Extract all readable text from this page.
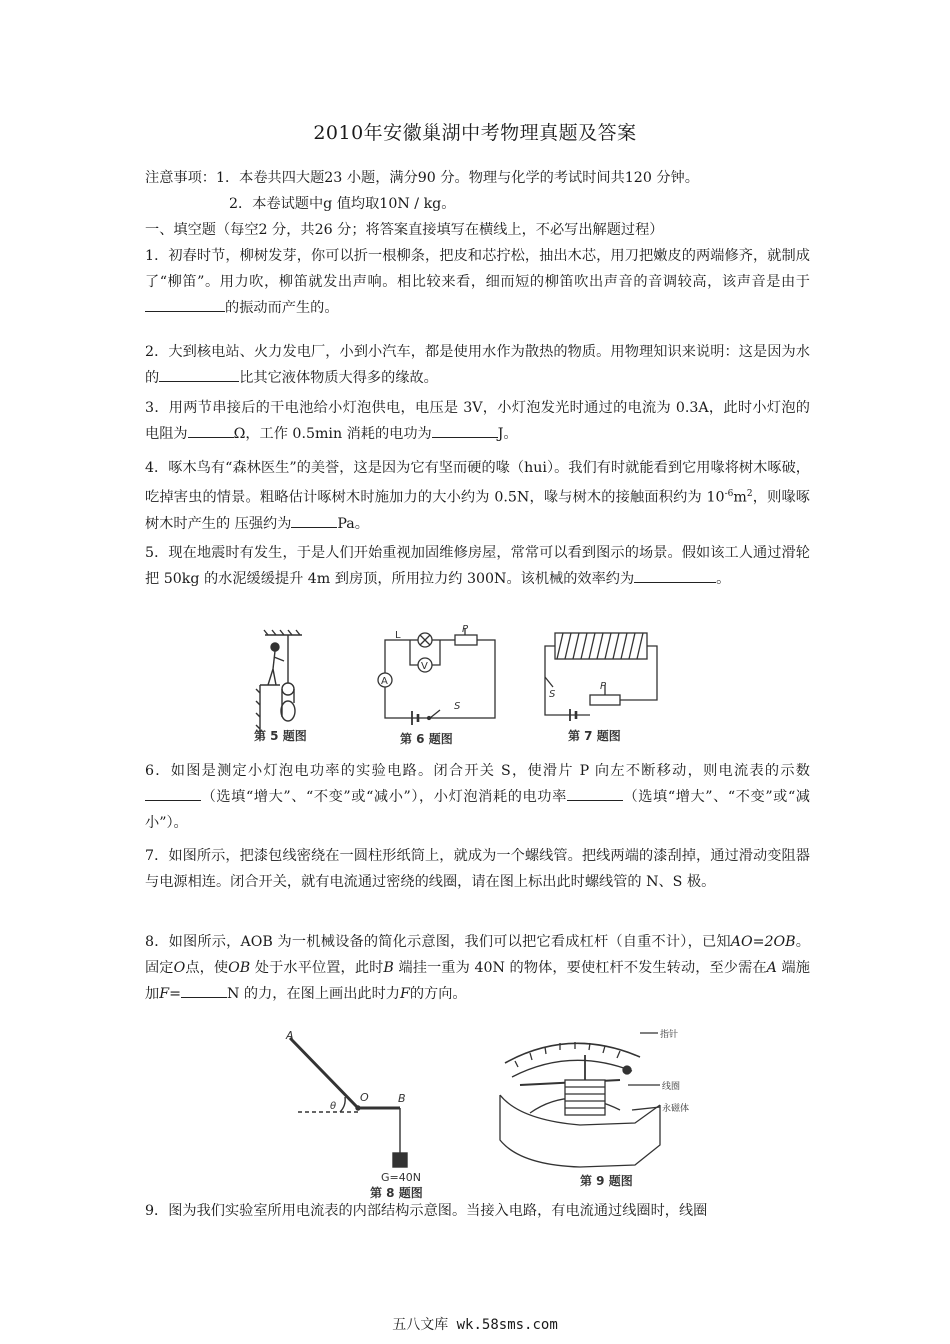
2010年安徽巢湖中考物理真题及答案

注意事项：1．本卷共四大题23 小题，满分90 分。物理与化学的考试时间共120 分钟。

2．本卷试题中g 值均取10N / kg。

一、填空题（每空2 分，共26 分；将答案直接填写在横线上，不必写出解题过程）

1．初春时节，柳树发芽，你可以折一根柳条，把皮和芯拧松，抽出木芯，用刀把嫩皮的两端修齐，就制成了“柳笛”。用力吹，柳笛就发出声响。相比较来看，细而短的柳笛吹出声音的音调较高，该声音是由于的振动而产生的。

2．大到核电站、火力发电厂，小到小汽车，都是使用水作为散热的物质。用物理知识来说明：这是因为水的	比其它液体物质大得多的缘故。

3．用两节串接后的干电池给小灯泡供电，电压是 3V，小灯泡发光时通过的电流为 0.3A，此时小灯泡的电阻为	Ω，工作 0.5min 消耗的电功为	J。

4．啄木鸟有“森林医生”的美誉，这是因为它有坚而硬的喙（hui）。我们有时就能看到它用喙将树木啄破，吃掉害虫的情景。粗略估计啄树木时施加力的大小约为 0.5N，喙与树木的接触面积约为 $10^{-6}m^2$，则喙啄树木时产生的 压强约为	Pa。

5．现在地震时有发生，于是人们开始重视加固维修房屋，常常可以看到图示的场景。假如该工人通过滑轮把 50kg 的水泥缓缓提升 4m 到房顶，所用拉力约 300N。该机械的效率约为	。

第 5 题图
L
P
V
A
S
第 6 题图
S
P
第 7 题图

6．如图是测定小灯泡电功率的实验电路。闭合开关 S，使滑片 P 向左不断移动，则电流表的示数（选填“增大”、“不变”或“减小”），小灯泡消耗的电功率	（选填“增大”、“不变”或“减小”）。

7．如图所示，把漆包线密绕在一圆柱形纸筒上，就成为一个螺线管。把线两端的漆刮掉，通过滑动变阻器与电源相连。闭合开关，就有电流通过密绕的线圈，请在图上标出此时螺线管的 N、S 极。

8．如图所示，AOB 为一机械设备的简化示意图，我们可以把它看成杠杆（自重不计），已知AO=2OB。固定O点，使OB 处于水平位置，此时B 端挂一重为 40N 的物体，要使杠杆不发生转动，至少需在A 端施加F=	N 的力，在图上画出此时力F的方向。

A
O	B
θ
G=40N
第 8 题图
指针
线圈
永磁体
第 9 题图

9．图为我们实验室所用电流表的内部结构示意图。当接入电路，有电流通过线圈时，线圈

五八文库 wk.58sms.com
